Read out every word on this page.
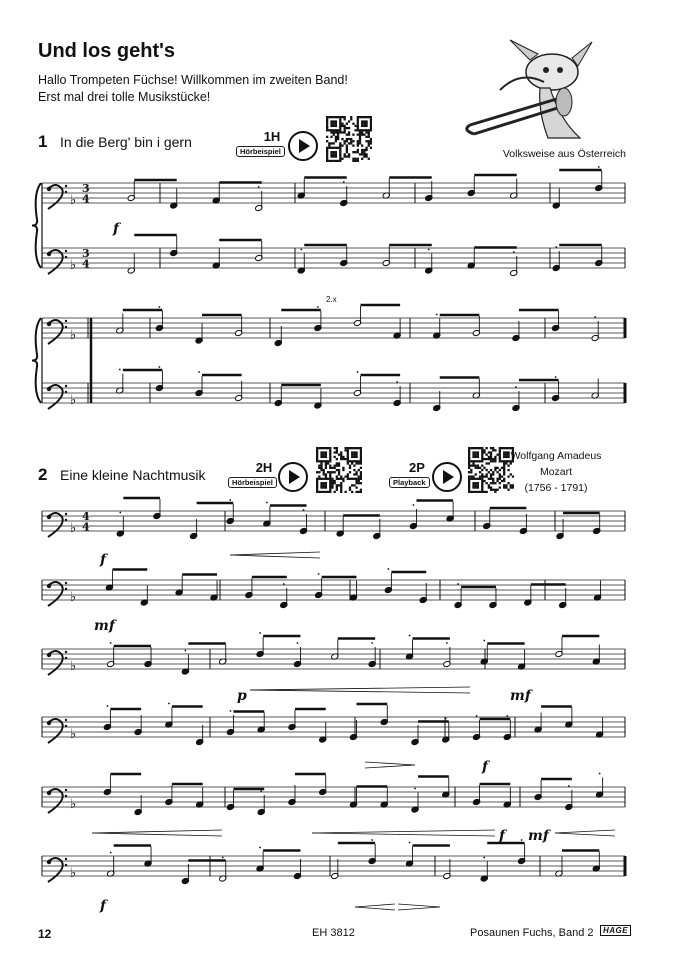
Und los geht's
Hallo Trompeten Füchse! Willkommen im zweiten Band!
Erst mal drei tolle Musikstücke!
1 In die Berg' bin i gern	1H
Hörbeispiel	Volksweise aus Österreich
2 Eine kleine Nachtmusik	2H
Hörbeispiel
2P
Playback
Wolfgang Amadeus
Mozart
(1756 - 1791)
♭
3
4
♭
3
4
f
♭
♭
2.x
♭
4
4
♭
♭
♭
♭
♭
f
mf
p	mf
f
f mf
f
12	EH 3812	Posaunen Fuchs, Band 2	HAGE
